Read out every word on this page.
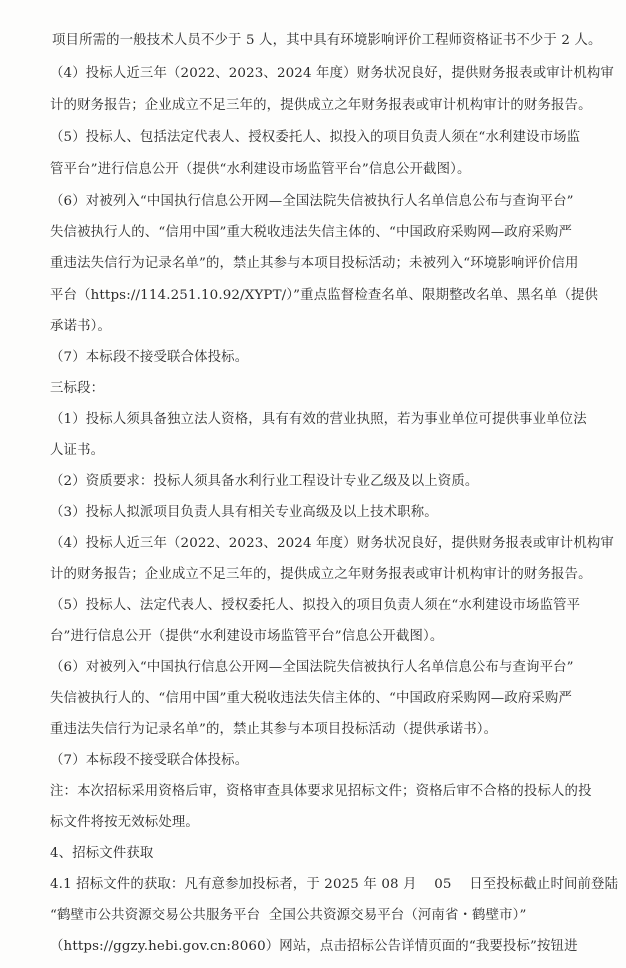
项目所需的一般技术人员不少于 5 人，其中具有环境影响评价工程师资格证书不少于 2 人。
（4）投标人近三年（2022、2023、2024 年度）财务状况良好，提供财务报表或审计机构审
计的财务报告；企业成立不足三年的，提供成立之年财务报表或审计机构审计的财务报告。
（5）投标人、包括法定代表人、授权委托人、拟投入的项目负责人须在“水利建设市场监
管平台”进行信息公开（提供“水利建设市场监管平台”信息公开截图）。
（6）对被列入“中国执行信息公开网—全国法院失信被执行人名单信息公布与查询平台”
失信被执行人的、“信用中国”重大税收违法失信主体的、“中国政府采购网—政府采购严
重违法失信行为记录名单”的，禁止其参与本项目投标活动；未被列入“环境影响评价信用
平台（https://114.251.10.92/XYPT/）”重点监督检查名单、限期整改名单、黑名单（提供
承诺书）。
（7）本标段不接受联合体投标。
三标段：
（1）投标人须具备独立法人资格，具有有效的营业执照，若为事业单位可提供事业单位法
人证书。
（2）资质要求：投标人须具备水利行业工程设计专业乙级及以上资质。
（3）投标人拟派项目负责人具有相关专业高级及以上技术职称。
（4）投标人近三年（2022、2023、2024 年度）财务状况良好，提供财务报表或审计机构审
计的财务报告；企业成立不足三年的，提供成立之年财务报表或审计机构审计的财务报告。
（5）投标人、法定代表人、授权委托人、拟投入的项目负责人须在“水利建设市场监管平
台”进行信息公开（提供“水利建设市场监管平台”信息公开截图）。
（6）对被列入“中国执行信息公开网—全国法院失信被执行人名单信息公布与查询平台”
失信被执行人的、“信用中国”重大税收违法失信主体的、“中国政府采购网—政府采购严
重违法失信行为记录名单”的，禁止其参与本项目投标活动（提供承诺书）。
（7）本标段不接受联合体投标。
注：本次招标采用资格后审，资格审查具体要求见招标文件；资格后审不合格的投标人的投
标文件将按无效标处理。
4、招标文件获取
4.1 招标文件的获取：凡有意参加投标者，于 2025 年 08 月    05    日至投标截止时间前登陆
“鹤壁市公共资源交易公共服务平台  全国公共资源交易平台（河南省・鹤壁市）”
（https://ggzy.hebi.gov.cn:8060）网站，点击招标公告详情页面的“我要投标”按钮进
